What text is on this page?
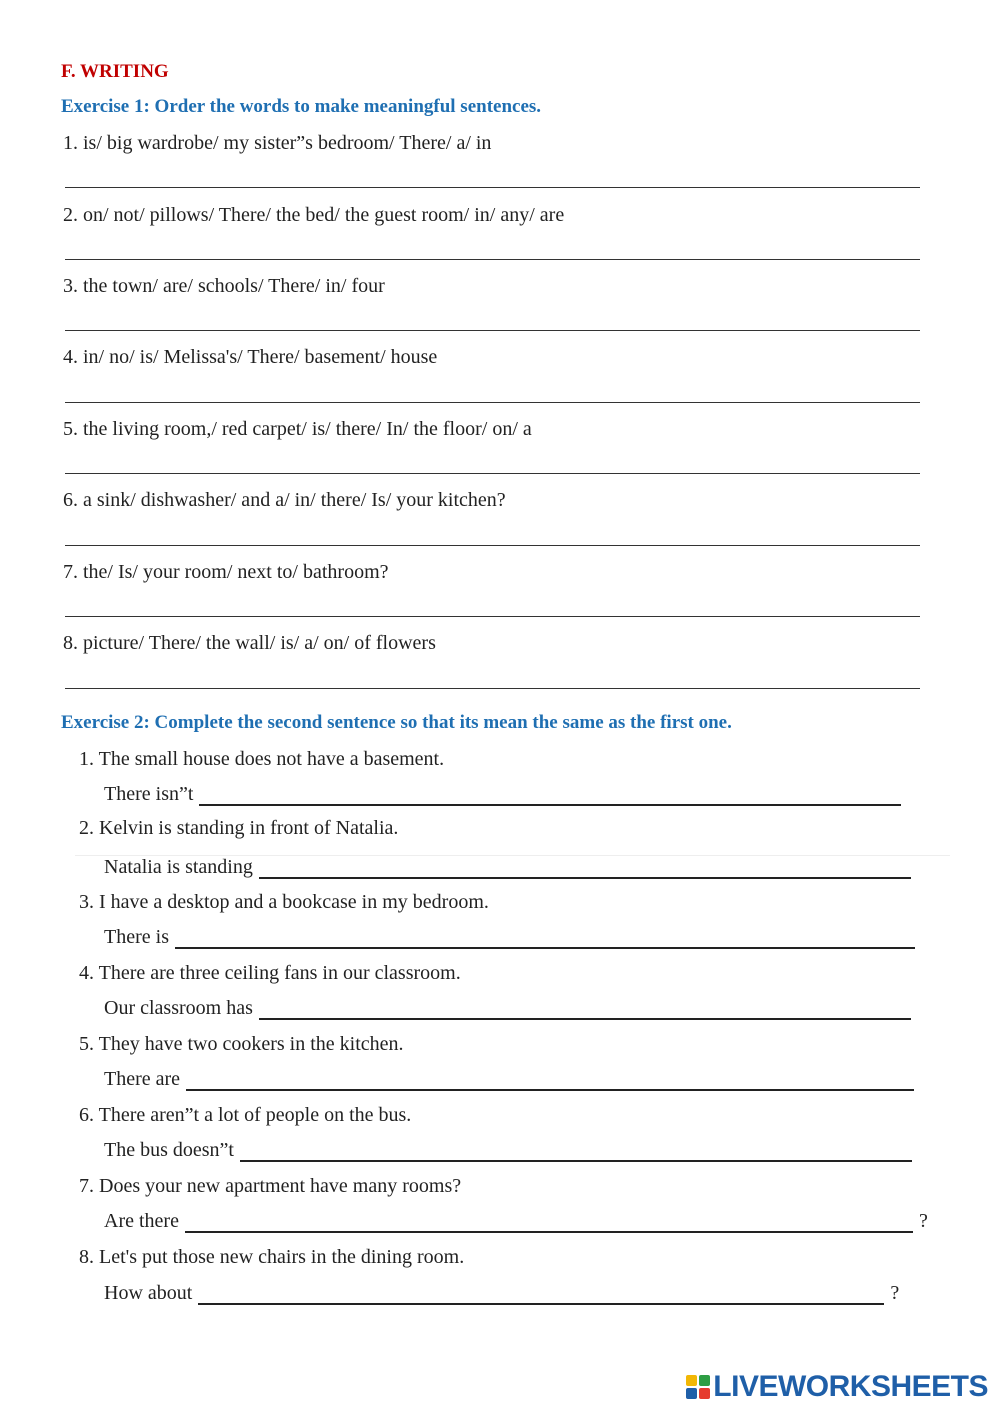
F. WRITING
Exercise 1: Order the words to make meaningful sentences.
1. is/ big wardrobe/ my sister”s bedroom/ There/ a/ in
2. on/ not/ pillows/ There/ the bed/ the guest room/ in/ any/ are
3. the town/ are/ schools/ There/ in/ four
4. in/ no/ is/ Melissa's/ There/ basement/ house
5. the living room,/ red carpet/ is/ there/ In/ the floor/ on/ a
6. a sink/ dishwasher/ and a/ in/ there/ Is/ your kitchen?
7. the/ Is/ your room/ next to/ bathroom?
8. picture/ There/ the wall/ is/ a/ on/ of flowers
Exercise 2: Complete the second sentence so that its mean the same as the first one.
1. The small house does not have a basement.
There isn”t
2. Kelvin is standing in front of Natalia.
Natalia is standing
3. I have a desktop and a bookcase in my bedroom.
There is
4. There are three ceiling fans in our classroom.
Our classroom has
5. They have two cookers in the kitchen.
There are
6. There aren”t a lot of people on the bus.
The bus doesn”t
7. Does your new apartment have many rooms?
Are there	?
8. Let's put those new chairs in the dining room.
How about	?
LIVEWORKSHEETS
